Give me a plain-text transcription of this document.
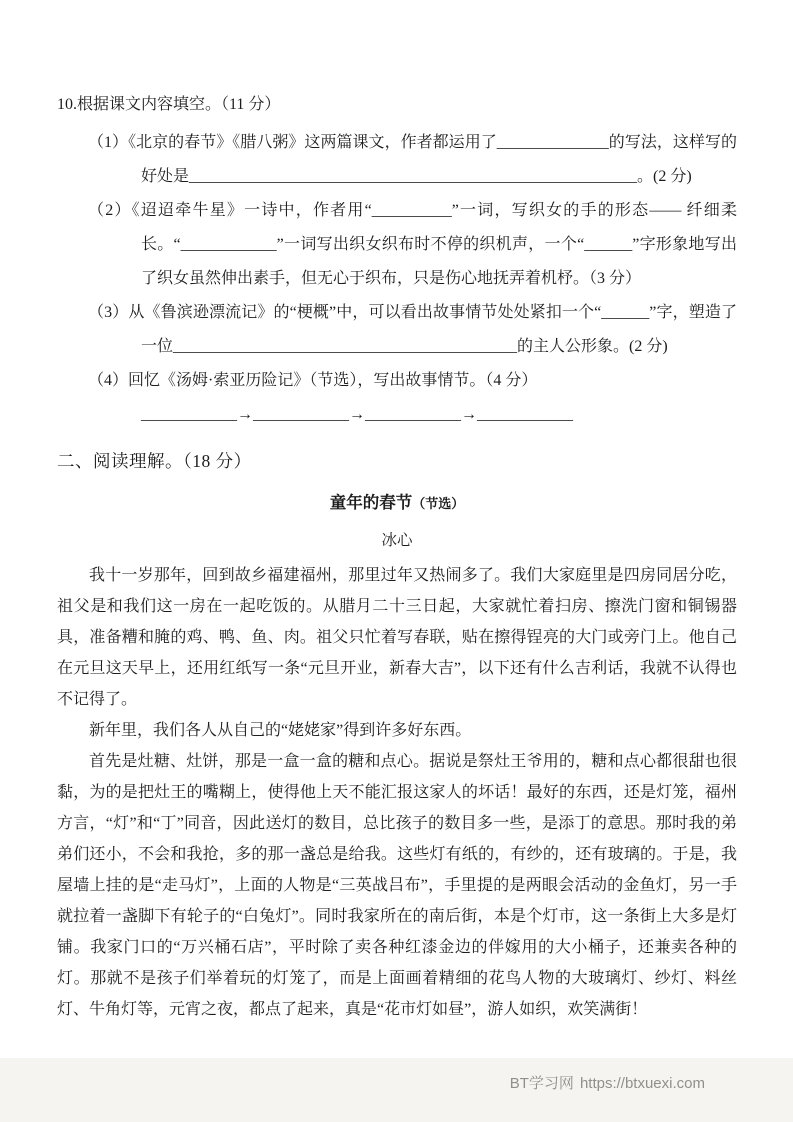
10.根据课文内容填空。（11 分）
（1）《北京的春节》《腊八粥》这两篇课文，作者都运用了______________的写法，这样写的好处是________________________________________________________。(2 分)
（2）《迢迢牵牛星》一诗中，作者用“__________”一词，写织女的手的形态—— 纤细柔长。“____________”一词写出织女织布时不停的织机声，一个“______”字形象地写出了织女虽然伸出素手，但无心于织布，只是伤心地抚弄着机杼。（3 分）
（3）从《鲁滨逊漂流记》的“梗概”中，可以看出故事情节处处紧扣一个“______”字，塑造了一位___________________________________________的主人公形象。(2 分)
（4）回忆《汤姆·索亚历险记》（节选），写出故事情节。（4 分）
____________→____________→____________→____________
二、阅读理解。（18 分）
童年的春节（节选）
冰心
我十一岁那年，回到故乡福建福州，那里过年又热闹多了。我们大家庭里是四房同居分吃，祖父是和我们这一房在一起吃饭的。从腊月二十三日起，大家就忙着扫房、擦洗门窗和铜锡器具，准备糟和腌的鸡、鸭、鱼、肉。祖父只忙着写春联，贴在擦得锃亮的大门或旁门上。他自己在元旦这天早上，还用红纸写一条“元旦开业，新春大吉”，以下还有什么吉利话，我就不认得也不记得了。
新年里，我们各人从自己的“姥姥家”得到许多好东西。
首先是灶糖、灶饼，那是一盒一盒的糖和点心。据说是祭灶王爷用的，糖和点心都很甜也很黏，为的是把灶王的嘴糊上，使得他上天不能汇报这家人的坏话！最好的东西，还是灯笼，福州方言，“灯”和“丁”同音，因此送灯的数目，总比孩子的数目多一些，是添丁的意思。那时我的弟弟们还小，不会和我抢，多的那一盏总是给我。这些灯有纸的，有纱的，还有玻璃的。于是，我屋墙上挂的是“走马灯”，上面的人物是“三英战吕布”，手里提的是两眼会活动的金鱼灯，另一手就拉着一盏脚下有轮子的“白兔灯”。同时我家所在的南后街，本是个灯市，这一条街上大多是灯铺。我家门口的“万兴桶石店”，平时除了卖各种红漆金边的伴嫁用的大小桶子，还兼卖各种的灯。那就不是孩子们举着玩的灯笼了，而是上面画着精细的花鸟人物的大玻璃灯、纱灯、料丝灯、牛角灯等，元宵之夜，都点了起来，真是“花市灯如昼”，游人如织，欢笑满街！
BT学习网 https://btxuexi.com
